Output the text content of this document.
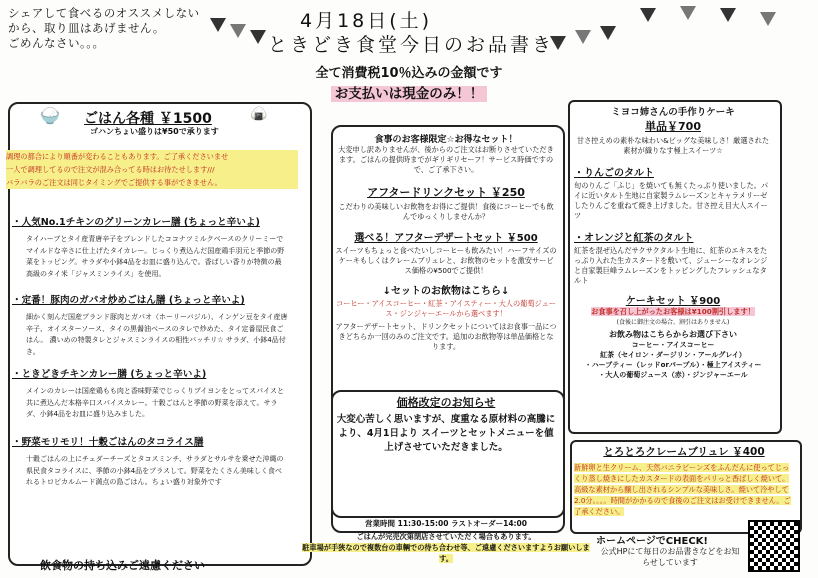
シェアして食べるのオススメしない
から、取り皿はあげません。
ごめんなさい。。。
4月18日(土)
ときどき食堂今日のお品書き
全て消費税10％込みの金額です
お支払いは現金のみ！！
🍚	🍙
ごはん各種 ￥1500
ゴハンちょい盛りは¥50で承ります
調理の都合により順番が変わることもあります。ご了承くださいませ
一人で調理してるので注文が混み合ってる時はお待たせします///
バラバラのご注文は同じタイミングでご提供する事ができません。
・人気No.1チキンのグリーンカレー膳 (ちょっと辛いよ)
タイハーブとタイ産青唐辛子をブレンドしたココナツミルクベースのクリーミーでマイルドな辛さに仕上げたタイカレー。じっくり煮込んだ国産鶏手羽元と季節の野菜をトッピング。サラダや小鉢4品をお皿に盛り込んで。香ばしい香りが特徴の最高級のタイ米「ジャスミンライス」を使用。
・定番！豚肉のガパオ炒めごはん膳 (ちょっと辛いよ)
細かく刻んだ国産ブランド豚肉とガパオ（ホーリーバジル）、インゲン豆をタイ産唐辛子、オイスターソース、タイの黒醤油ベースのタレで炒めた、タイ定番屋民食ごはん。 濃いめの特製タレとジャスミンライスの相性バッチリ☆ サラダ、小鉢4品付き。
・ときどきチキンカレー膳 (ちょっと辛いよ)
メインのカレーは国産鶏もも肉と香味野菜でじっくりブイヨンをとってスパイスと共に煮込んだ本格辛口スパイスカレー。十穀ごはんと季節の野菜を添えて。サラダ、小鉢4品をお皿に盛り込みました。
・野菜モリモリ！十穀ごはんのタコライス膳
十穀ごはんの上にチェダーチーズとタコスミンチ、サラダとサルサを乗せた沖縄の県民食タコライスに、季節の小鉢4品をプラスして。野菜をたくさん美味しく食べれるトロピカルムード満点の島ごはん。ちょい盛り対象外です
飲食物の持ち込みご遠慮ください
食事のお客様限定☆お得なセット！
大変申し訳ありませんが、後からのご注文はお断りさせていただきます。ごはんの提供時までがギリギリセーフ！サービス時価ですので、ご了承下さい。
アフタードリンクセット ￥250
こだわりの美味しいお飲物をお得にご提供！食後にコーヒーでも飲んでゆっくりしませんか？
選べる！アフターデザートセット ￥500
スイーツもちょっと食べたいしコーヒーも飲みたい！ハーフサイズのケーキもしくはクレームブリュレと、お飲物のセットを激安サービス価格の¥500でご提供！
↓セットのお飲物はこちら↓
コーヒー・アイスコーヒー・紅茶・アイスティー・大人の葡萄ジュース・ジンジャーエールから選べます！
アフターデザートセット、ドリンクセットについてはお食事一品につきどちらか一回のみのご注文です。追加のお飲物等は単品価格となります。
価格改定のお知らせ
大変心苦しく思いますが、度重なる原材料の高騰により、4月1日より スイーツとセットメニューを値上げさせていただきました。
営業時間 11:30-15:00 ラストオーダー14:00
ごはんが完売次第閉店させていただく場合もあります。
駐車場が手狭なので複数台の車輌での待ち合わせ等、ご遠慮くださいますようお願いします。
ミヨコ姉さんの手作りケーキ
単品￥700
甘さ控えめの素朴な味わい&ビッグな美味しさ！厳選された素材が織りなす極上スイーツ☆
・りんごのタルト
旬のりんご「ふじ」を焼いても無くたっぷり使いました。パイに近いタルト生地に自家製ラムレーズンとキャラメリーゼしたりんごを重ねて焼き上げました。甘さ控え目大人スイーツ
・オレンジと紅茶のタルト
紅茶を混ぜ込んだサクサクタルト生地に、紅茶のエキスをたっぷり入れた生カスタードを敷いて、ジューシーなオレンジと自家製巨峰ラムレーズンをトッピングしたフレッシュなタルト
ケーキセット ￥900
お食事を召し上がったお客様は¥100割引します！
(食後に御注文の場合、割引はありません)
お飲み物はこちらからお選び下さい
コーヒー・アイスコーヒー
紅茶（セイロン・ダージリン・アールグレイ）
・ハーブティー（レッドorパープル）・極上アイスティー
・大人の葡萄ジュース（赤）・ジンジャーエール
とろとろクレームブリュレ ￥400
新鮮卵と生クリーム、天然バニラビーンズをふんだんに使ってじっくり蒸し焼きにしたカスタードの表面をパリっと香ばしく焼いて。高級な素材から醸し出されるシンプルな美味しさ。焼いて冷やして2.0分。。。。時間がかかるので食後のご注文はお受けできません。ご了承ください。
ホームページでCHECK!
公式HPにて毎日のお品書きなどをお知らせしています
